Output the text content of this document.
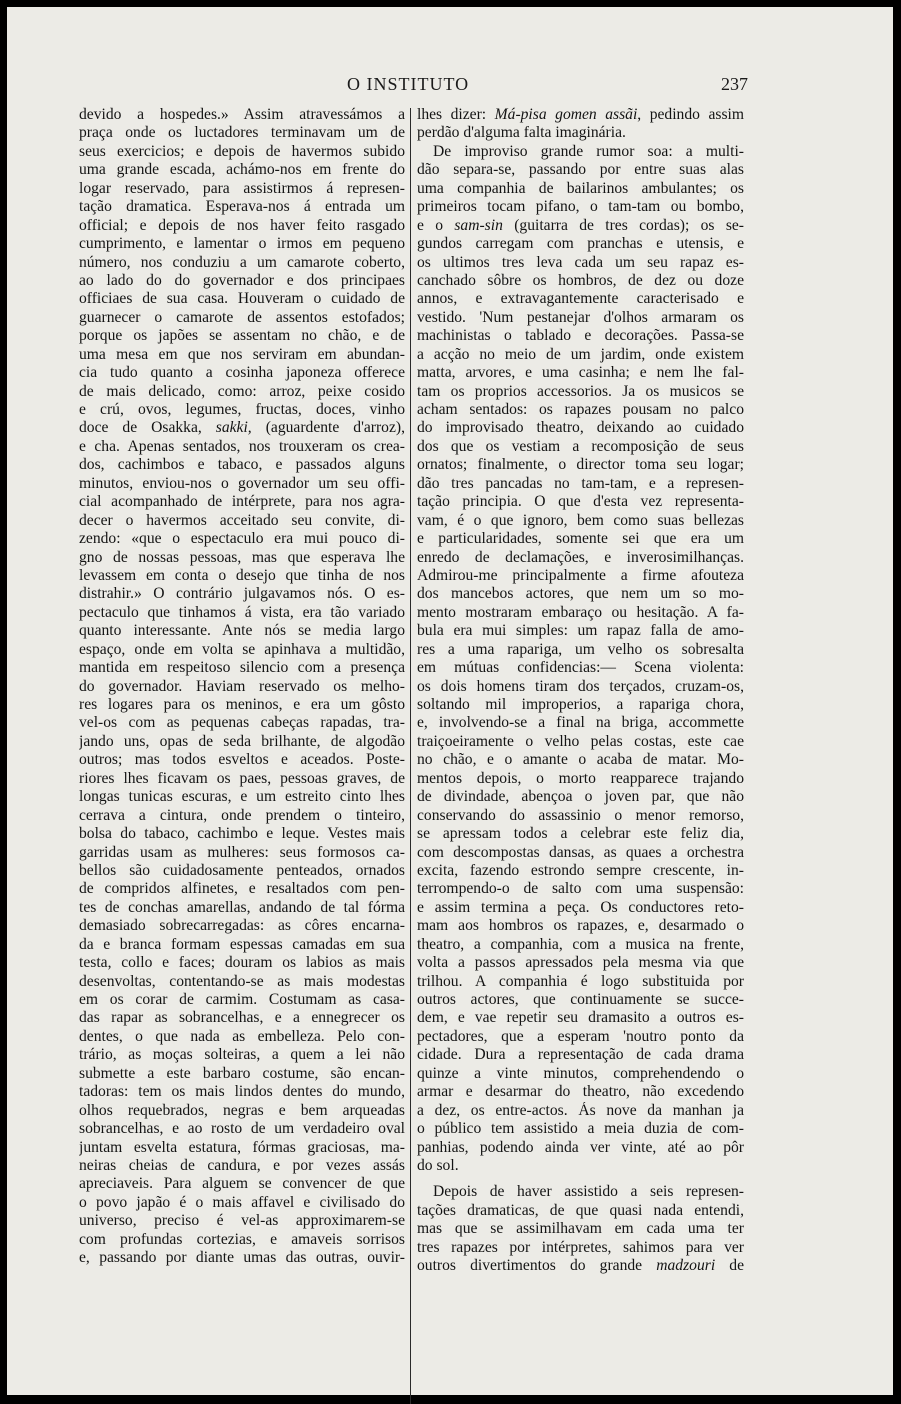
O INSTITUTO	237
devido a hospedes.» Assim atravessámos a
praça onde os luctadores terminavam um de
seus exercicios; e depois de havermos subido
uma grande escada, achámo-nos em frente do
logar reservado, para assistirmos á represen-
tação dramatica. Esperava-nos á entrada um
official; e depois de nos haver feito rasgado
cumprimento, e lamentar o irmos em pequeno
número, nos conduziu a um camarote coberto,
ao lado do do governador e dos principaes
officiaes de sua casa. Houveram o cuidado de
guarnecer o camarote de assentos estofados;
porque os japões se assentam no chão, e de
uma mesa em que nos serviram em abundan-
cia tudo quanto a cosinha japoneza offerece
de mais delicado, como: arroz, peixe cosido
e crú, ovos, legumes, fructas, doces, vinho
doce de Osakka, sakki, (aguardente d'arroz),
e cha. Apenas sentados, nos trouxeram os crea-
dos, cachimbos e tabaco, e passados alguns
minutos, enviou-nos o governador um seu offi-
cial acompanhado de intérprete, para nos agra-
decer o havermos acceitado seu convite, di-
zendo: «que o espectaculo era mui pouco di-
gno de nossas pessoas, mas que esperava lhe
levassem em conta o desejo que tinha de nos
distrahir.» O contrário julgavamos nós. O es-
pectaculo que tinhamos á vista, era tão variado
quanto interessante. Ante nós se media largo
espaço, onde em volta se apinhava a multidão,
mantida em respeitoso silencio com a presença
do governador. Haviam reservado os melho-
res logares para os meninos, e era um gôsto
vel-os com as pequenas cabeças rapadas, tra-
jando uns, opas de seda brilhante, de algodão
outros; mas todos esveltos e aceados. Poste-
riores lhes ficavam os paes, pessoas graves, de
longas tunicas escuras, e um estreito cinto lhes
cerrava a cintura, onde prendem o tinteiro,
bolsa do tabaco, cachimbo e leque. Vestes mais
garridas usam as mulheres: seus formosos ca-
bellos são cuidadosamente penteados, ornados
de compridos alfinetes, e resaltados com pen-
tes de conchas amarellas, andando de tal fórma
demasiado sobrecarregadas: as côres encarna-
da e branca formam espessas camadas em sua
testa, collo e faces; douram os labios as mais
desenvoltas, contentando-se as mais modestas
em os corar de carmim. Costumam as casa-
das rapar as sobrancelhas, e a ennegrecer os
dentes, o que nada as embelleza. Pelo con-
trário, as moças solteiras, a quem a lei não
submette a este barbaro costume, são encan-
tadoras: tem os mais lindos dentes do mundo,
olhos requebrados, negras e bem arqueadas
sobrancelhas, e ao rosto de um verdadeiro oval
juntam esvelta estatura, fórmas graciosas, ma-
neiras cheias de candura, e por vezes assás
apreciaveis. Para alguem se convencer de que
o povo japão é o mais affavel e civilisado do
universo, preciso é vel-as approximarem-se
com profundas cortezias, e amaveis sorrisos
e, passando por diante umas das outras, ouvir-
lhes dizer: Má-pisa gomen assãi, pedindo assim
perdão d'alguma falta imaginária.
De improviso grande rumor soa: a multi-
dão separa-se, passando por entre suas alas
uma companhia de bailarinos ambulantes; os
primeiros tocam pifano, o tam-tam ou bombo,
e o sam-sin (guitarra de tres cordas); os se-
gundos carregam com pranchas e utensis, e
os ultimos tres leva cada um seu rapaz es-
canchado sôbre os hombros, de dez ou doze
annos, e extravagantemente caracterisado e
vestido. 'Num pestanejar d'olhos armaram os
machinistas o tablado e decorações. Passa-se
a acção no meio de um jardim, onde existem
matta, arvores, e uma casinha; e nem lhe fal-
tam os proprios accessorios. Ja os musicos se
acham sentados: os rapazes pousam no palco
do improvisado theatro, deixando ao cuidado
dos que os vestiam a recomposição de seus
ornatos; finalmente, o director toma seu logar;
dão tres pancadas no tam-tam, e a represen-
tação principia. O que d'esta vez representa-
vam, é o que ignoro, bem como suas bellezas
e particularidades, somente sei que era um
enredo de declamações, e inverosimilhanças.
Admirou-me principalmente a firme afouteza
dos mancebos actores, que nem um so mo-
mento mostraram embaraço ou hesitação. A fa-
bula era mui simples: um rapaz falla de amo-
res a uma rapariga, um velho os sobresalta
em mútuas confidencias:— Scena violenta:
os dois homens tiram dos terçados, cruzam-os,
soltando mil improperios, a rapariga chora,
e, involvendo-se a final na briga, accommette
traiçoeiramente o velho pelas costas, este cae
no chão, e o amante o acaba de matar. Mo-
mentos depois, o morto reapparece trajando
de divindade, abençoa o joven par, que não
conservando do assassinio o menor remorso,
se apressam todos a celebrar este feliz dia,
com descompostas dansas, as quaes a orchestra
excita, fazendo estrondo sempre crescente, in-
terrompendo-o de salto com uma suspensão:
e assim termina a peça. Os conductores reto-
mam aos hombros os rapazes, e, desarmado o
theatro, a companhia, com a musica na frente,
volta a passos apressados pela mesma via que
trilhou. A companhia é logo substituida por
outros actores, que continuamente se succe-
dem, e vae repetir seu dramasito a outros es-
pectadores, que a esperam 'noutro ponto da
cidade. Dura a representação de cada drama
quinze a vinte minutos, comprehendendo o
armar e desarmar do theatro, não excedendo
a dez, os entre-actos. Ás nove da manhan ja
o público tem assistido a meia duzia de com-
panhias, podendo ainda ver vinte, até ao pôr
do sol.
Depois de haver assistido a seis represen-
tações dramaticas, de que quasi nada entendi,
mas que se assimilhavam em cada uma ter
tres rapazes por intérpretes, sahimos para ver
outros divertimentos do grande madzouri de
